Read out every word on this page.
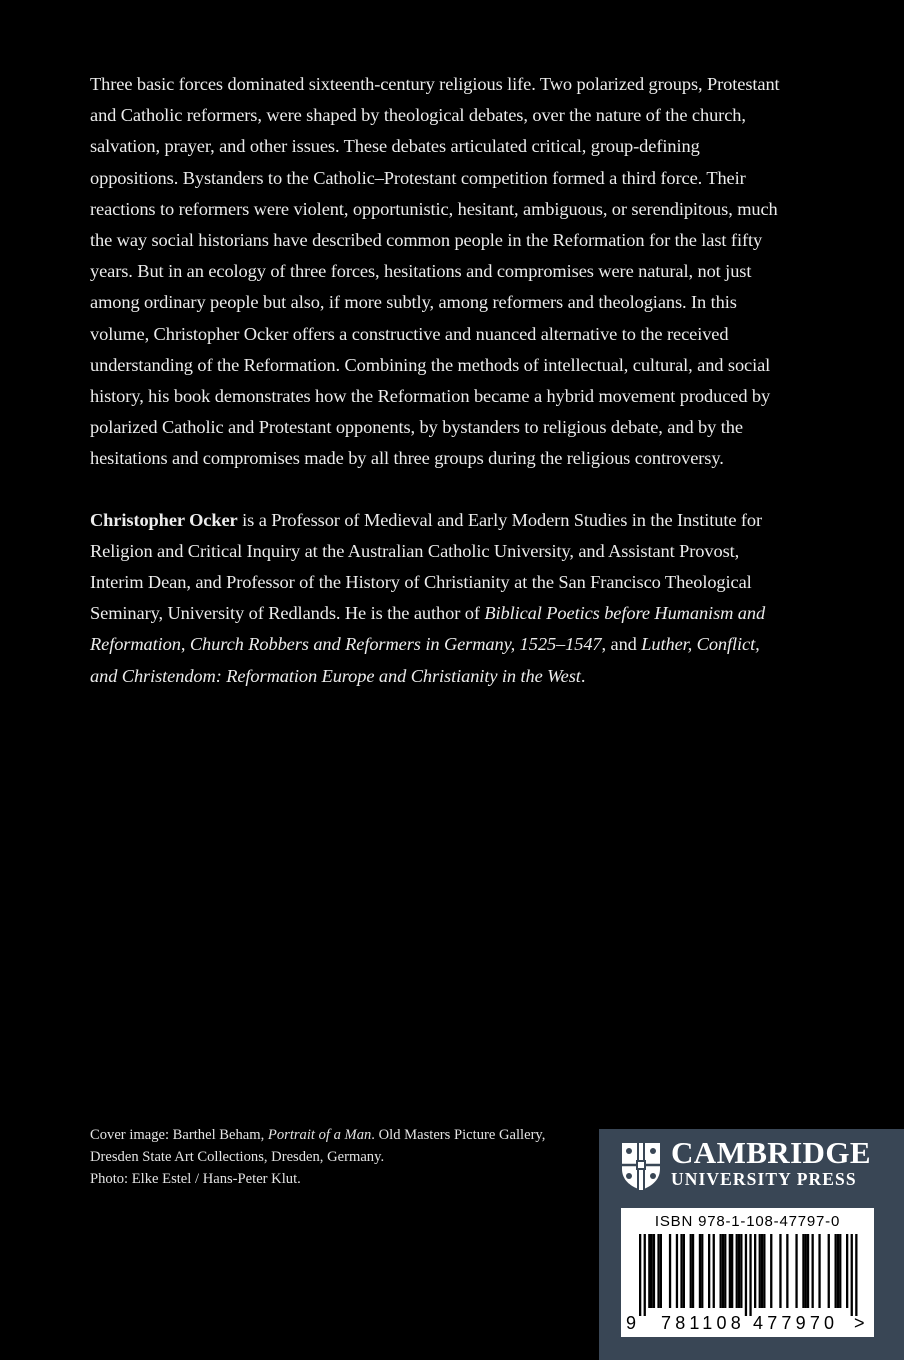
Three basic forces dominated sixteenth-century religious life. Two polarized groups, Protestant and Catholic reformers, were shaped by theological debates, over the nature of the church, salvation, prayer, and other issues. These debates articulated critical, group-defining oppositions. Bystanders to the Catholic–Protestant competition formed a third force. Their reactions to reformers were violent, opportunistic, hesitant, ambiguous, or serendipitous, much the way social historians have described common people in the Reformation for the last fifty years. But in an ecology of three forces, hesitations and compromises were natural, not just among ordinary people but also, if more subtly, among reformers and theologians. In this volume, Christopher Ocker offers a constructive and nuanced alternative to the received understanding of the Reformation. Combining the methods of intellectual, cultural, and social history, his book demonstrates how the Reformation became a hybrid movement produced by polarized Catholic and Protestant opponents, by bystanders to religious debate, and by the hesitations and compromises made by all three groups during the religious controversy.

Christopher Ocker is a Professor of Medieval and Early Modern Studies in the Institute for Religion and Critical Inquiry at the Australian Catholic University, and Assistant Provost, Interim Dean, and Professor of the History of Christianity at the San Francisco Theological Seminary, University of Redlands. He is the author of Biblical Poetics before Humanism and Reformation, Church Robbers and Reformers in Germany, 1525–1547, and Luther, Conflict, and Christendom: Reformation Europe and Christianity in the West.

Cover image: Barthel Beham, Portrait of a Man. Old Masters Picture Gallery, Dresden State Art Collections, Dresden, Germany.
Photo: Elke Estel / Hans-Peter Klut.
CAMBRIDGE
UNIVERSITY PRESS
ISBN 978-1-108-47797-0
9 781108 477970 >
